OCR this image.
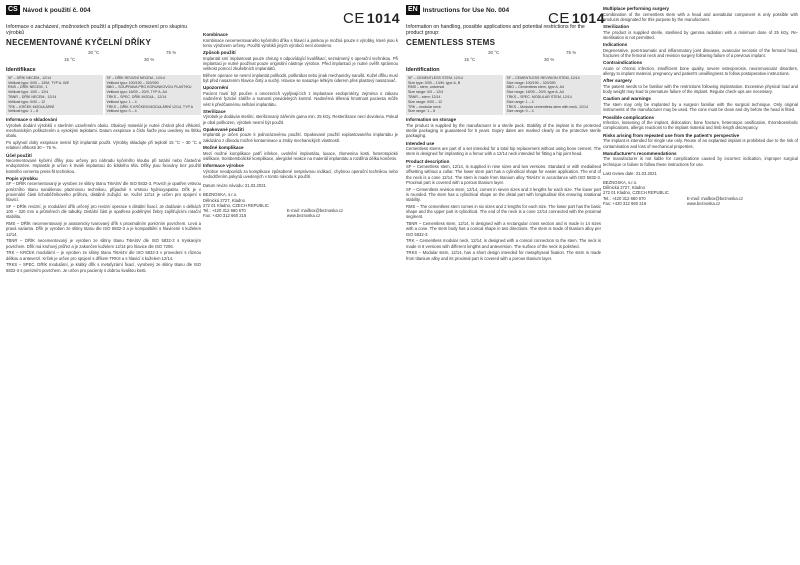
CS Návod k použití č. 004
Informace o zacházení, možnostech použití a případných omezení pro skupinu výrobků
NECEMENTOVANÉ KYČELNÍ DŘÍKY
30 °C
15 °C
75 %
30 %
Identifikace
SF – DŘÍK NECEM., 12/14
Velikost typu: 0/00 – 13/M, TYP A, B/E
RMS – DŘÍK NECEM., 1
Velikost typu: 1/00 – 12/4
TBNR – DŘÍK NECEM., 12/14
Velikost typu: 0/00 – 12
TRK – KRČEK MODULÁRNÍ
Velikost typu: 1 – 8
SF – DŘÍK REVIZNÍ NECEM., 12/14
Velikost typu: 100/190 – 320/390
BBO – SOUPRAVA PRO KORUNKOVOU PLASTIKU
Velikost typu: 16/09 – 20/9, TYP A, A4
TRKS – SPEC. DŘÍK MODUL., 12/14
Velikost typu: 1 – 4
TRKS – DŘÍK S KRČKEM MODULÁRNÍ 12/14, TYP A
Velikost typu: 0 – 4
Informace o skladování

Výrobek dodání výrobků v sterilním uzavřeném obalu. Obalový materiál je nutné chránit před vlhkostí, mechanickým poškozením a vysokými teplotami. Datum exspirace a číslo šarže jsou uvedeny na štítku obalu.

Po uplynutí doby exspirace nesmí být implantát použit. Výrobky skladujte při teplotě 15 °C – 30 °C a relativní vlhkosti 30 – 75 %.

Účel použití

Necementované kyčelní dříky jsou určeny pro náhradu kyčelního kloubu při totální nebo částečné endoprotéze. Implantát je určen k trvalé implantaci do lidského těla. Dříky jsou fixovány bez použití kostního cementu press-fit technikou.

Popis výrobku

SF – DŘÍK necementovaný je vyroben ze slitiny titanu Ti6Al4V dle ISO 5832-3. Povrch je opatřen vrstvou porézního titanu nanášenou plazmovou technikou, případně s vrstvou hydroxyapatitu. Dřík je v proximální části lichoběžníkového průřezu, distálně zužující se. Kužel 12/14 je určen pro spojení s hlavicí.

SF – DŘÍK revizní, je modulární dřík určený pro revizní operace s distální fixací. Je dodáván v délkách 100 – 320 mm a průměrech dle tabulky. Distální část je opatřena podélnými žebry zajišťujícími rotační stabilitu.

RMS – DŘÍK necementovaný je anatomicky tvarovaný dřík s proximálním porézním povrchem. Levá a pravá varianta. Dřík je vyroben ze slitiny titanu dle ISO 5832-3 a je kompatibilní s hlavicemi s kuželem 12/14.

TBNR – DŘÍK necementovaný je vyroben ze slitiny titanu Ti6Al4V dle ISO 5832-3 s tryskaným povrchem. Dřík má kruhový průřez a je zakončen kuželem 12/14 pro hlavice dle ISO 7206.

TRK – KRČEK modulární – je vyroben ze slitiny titanu Ti6Al4V dle ISO 5832-3 v provedení s různou délkou a anteverzí. Krček je určen pro spojení s dříkem TRKS a s hlavicí s kuželem 12/14.

TRKS – SPEC. DŘÍK modulární, je krátký dřík s metafyzární fixací, vyrobený ze slitiny titanu dle ISO 5832-3 s porézním povrchem. Je určen pro pacienty s dobrou kvalitou kosti.

CE 1014
Kombinace

Kombinace necementovaného kyčelního dříku s hlavicí a jamkou je možná pouze s výrobky, které jsou k tomu výrobcem určeny. Použití výrobků jiných výrobců není dovoleno.

Způsob použití

Implantát smí implantovat pouze chirurg s odpovídající kvalifikací, seznámený s operační technikou. Při implantaci je nutné používat pouze originální nástroje výrobce. Před implantací je nutné ověřit správnou velikost pomocí zkušebních implantátů.

Během operace se nesmí implantát poškodit, poškrábat nebo jinak mechanicky narušit. Kužel dříku musí být před nasazením hlavice čistý a suchý. Hlavice se nasazuje lehkým úderem přes plastový nasazovač.

Upozornění

Pacient musí být poučen o omezeních vyplývajících z implantace endoprotézy, zejména o zákazu nadměrné fyzické zátěže a nutnosti pravidelných kontrol. Nadměrná tělesná hmotnost pacienta může vést k předčasnému selhání implantátu.

Sterilizace

Výrobek je dodáván sterilní, sterilizovaný zářením gama min. 25 kGy. Resterilizace není dovolena. Pokud je obal poškozen, výrobek nesmí být použit.

Opakované použití

Implantát je určen pouze k jednorázovému použití. Opakované použití explantovaného implantátu je zakázáno z důvodu možné kontaminace a ztráty mechanických vlastností.

Možné komplikace

Mezi možné komplikace patří infekce, uvolnění implantátu, luxace, zlomenina kosti, heterotopické osifikace, trombembolické komplikace, alergické reakce na materiál implantátu a rozdílná délka končetin.

Informace výrobce

Výrobce neodpovídá za komplikace způsobené nesprávnou indikací, chybnou operační technikou nebo nedodržením pokynů uvedených v tomto návodu k použití.

Datum revize návodu: 21.03.2021
BEZNOSKA, s.r.o.
Dělnická 2727, Kladno
272 01 Kladno, CZECH REPUBLIC
Tel.: +420 312 660 670
Fax: +420 312 660 216
E-mail: mailbox@beznoska.cz
www.beznoska.cz
EN Instructions for Use No. 004	CE 1014
Information on handling, possible applications and potential restrictions for the product group:
CEMENTLESS STEMS
30 °C
15 °C
75 %
30 %
Identification
SF – CEMENTLESS STEM, 12/14
Size type: 0/00 – 13/M, type A, B
RMS – stem, universal
Size range: 0/0 – 12/4
TBNR – stem: 12/14
Size range: 0/00 – 12
TRK – modular neck
Size range: 1 – 8
SF – CEMENTLESS REVISION STEM, 12/14
Size range: 100/190 – 320/390
BBO – Cementless stem, type A, A4
Size range: 16/09 – 20/9, type A, A4
TRKS – SPEC. MODULAR STEM, 12/14
Size range: 1 – 4
TRKS – Modular cementless stem with neck, 12/14
Size range: 0 – 4
Information on storage

The product is supplied by the manufacturer in a sterile pack. Stability of the implant in the protected sterile packaging is guaranteed for 5 years. Expiry dates are marked clearly on the protective sterile packaging.

Intended use

Cementless stems are part of a set intended for a total hip replacement without using bone cement. The stem is designed for implanting in a femur with a 12/14 neck intended for fitting a hip joint head.

Product description

SF – Cementless stem, 12/14, is supplied in nine sizes and two versions. Standard or with medialised offsetting without a collar. The lower stem part has a cylindrical shape for easier application. The end of the neck is a cone 12/14. The stem is made from titanium alloy Ti6Al4V in accordance with ISO 5832-3. Proximal part is covered with a porous titanium layer.

SF – Cementless revision stem, 12/14, comes in seven sizes and 3 lengths for each size. The lower part is rounded. The stem has a cylindrical shape on the distal part with longitudinal ribs ensuring rotational stability.

RMS – The cementless stem comes in six sizes and 2 lengths for each size. The lower part has the basic shape and the upper part is cylindrical. The end of the neck is a cone 12/14 connected with the proximal segment.

TBNR – Cementless stem, 12/14, is designed with a rectangular cross section and is made in 14 sizes with a cone. The stem body has a conical shape in two directions. The stem is made of titanium alloy per ISO 5832-3.

TRK – Cementless modular neck, 12/14, is designed with a conical connection to the stem. The neck is made in 8 versions with different lengths and anteversion. The surface of the neck is polished.

TRKS – Modular stem, 12/14, has a short design intended for metaphyseal fixation. The stem is made from titanium alloy and its proximal part is covered with a porous titanium layer.

Multiplace performing surgery

Combination of the cementless stem with a head and acetabular component is only possible with products designated for this purpose by the manufacturer.

Sterilization

The product is supplied sterile, sterilised by gamma radiation with a minimum dose of 25 kGy. Re-sterilisation is not permitted.

Indications

Degenerative, post-traumatic and inflammatory joint diseases, avascular necrosis of the femoral head, fractures of the femoral neck and revision surgery following failure of a previous implant.

Contraindications

Acute or chronic infection, insufficient bone quality, severe osteoporosis, neuromuscular disorders, allergy to implant material, pregnancy and patient's unwillingness to follow postoperative instructions.

After surgery

The patient needs to be familiar with the restrictions following implantation. Excessive physical load and body weight may lead to premature failure of the implant. Regular check-ups are necessary.

Caution and warnings

The stem may only be implanted by a surgeon familiar with the surgical technique. Only original instruments of the manufacturer may be used. The cone must be clean and dry before the head is fitted.

Possible complications

Infection, loosening of the implant, dislocation, bone fracture, heterotopic ossification, thromboembolic complications, allergic reactions to the implant material and limb length discrepancy.

Risks arising from repeated use from the patient's perspective

The implant is intended for single use only. Reuse of an explanted implant is prohibited due to the risk of contamination and loss of mechanical properties.

Manufacturer's recommendations

The manufacturer is not liable for complications caused by incorrect indication, improper surgical technique or failure to follow these instructions for use.

Last review date: 21.03.2021
BEZNOSKA, s.r.o.
Dělnická 2727, Kladno
272 01 Kladno, CZECH REPUBLIC
Tel.: +420 312 660 670
Fax: +420 312 660 216
E-mail: mailbox@beznoska.cz
www.beznoska.cz
